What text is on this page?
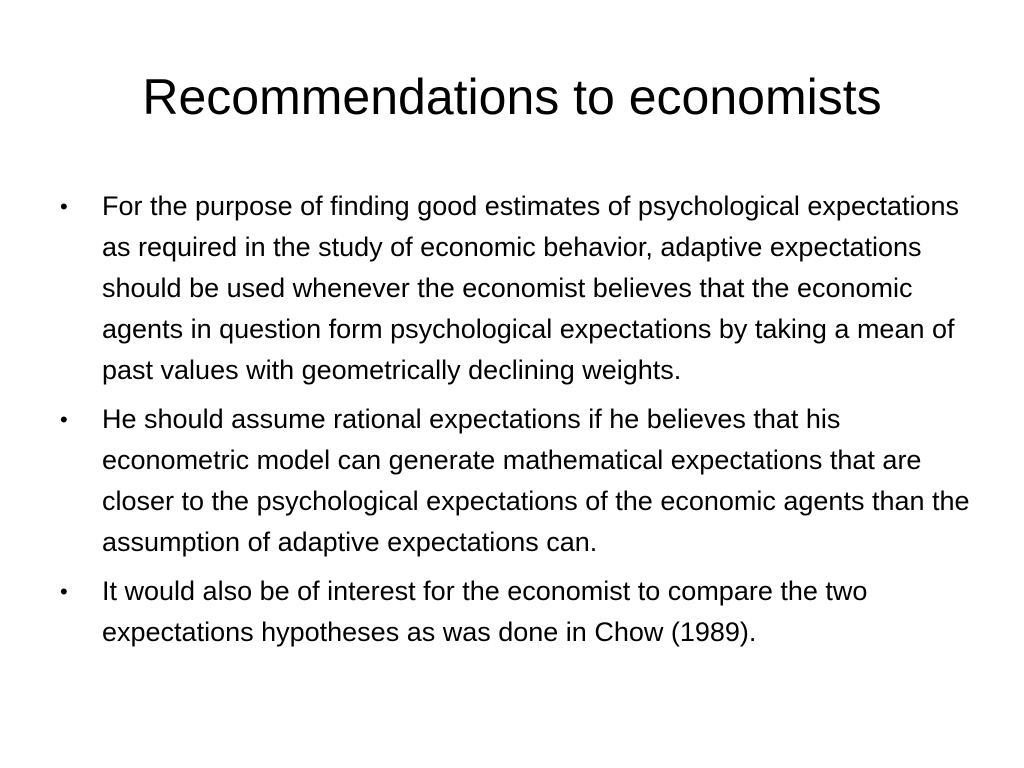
Recommendations to economists
•	For the purpose of finding good estimates of psychological expectations as required in the study of economic behavior, adaptive expectations should be used whenever the economist believes that the economic agents in question form psychological expectations by taking a mean of past values with geometrically declining weights.
•	He should assume rational expectations if he believes that his econometric model can generate mathematical expectations that are closer to the psychological expectations of the economic agents than the assumption of adaptive expectations can.
•	It would also be of interest for the economist to compare the two expectations hypotheses as was done in Chow (1989).
